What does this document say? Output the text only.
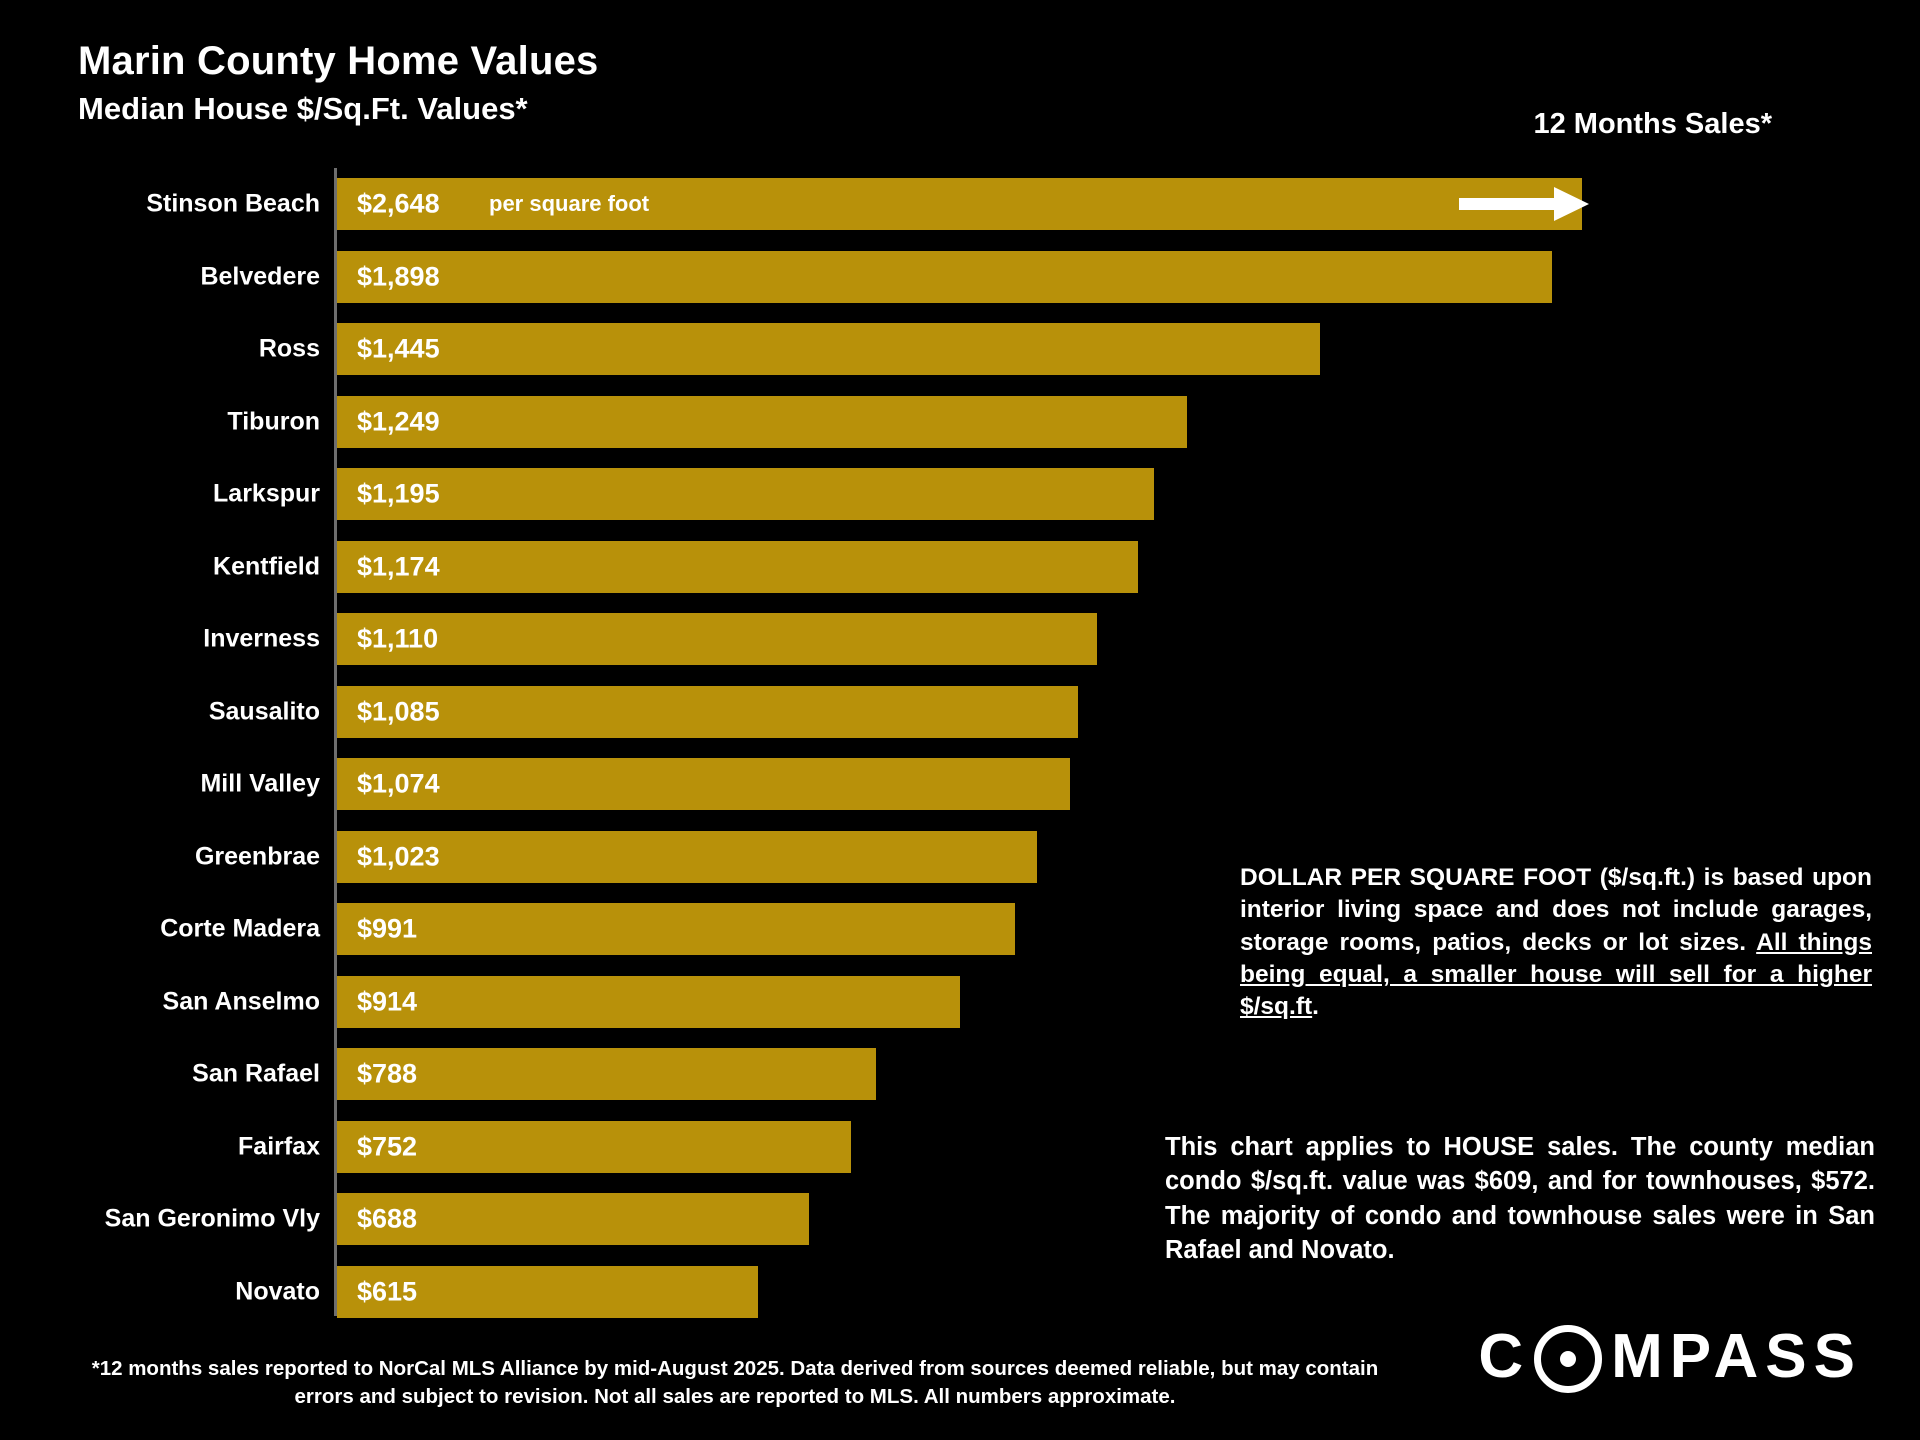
Marin County Home Values
Median House $/Sq.Ft. Values*	12 Months Sales*
Stinson Beach $2,648 per square foot
Belvedere $1,898
Ross $1,445
Tiburon $1,249
Larkspur $1,195
Kentfield $1,174
Inverness $1,110
Sausalito $1,085
Mill Valley $1,074
Greenbrae $1,023
Corte Madera $991
San Anselmo $914
San Rafael $788
Fairfax $752
San Geronimo Vly $688
Novato $615
DOLLAR PER SQUARE FOOT ($/sq.ft.) is based upon interior living space and does not include garages, storage rooms, patios, decks or lot sizes. All things being equal, a smaller house will sell for a higher $/sq.ft.
This chart applies to HOUSE sales. The county median condo $/sq.ft. value was $609, and for townhouses, $572. The majority of condo and townhouse sales were in San Rafael and Novato.
*12 months sales reported to NorCal MLS Alliance by mid-August 2025. Data derived from sources deemed reliable, but may contain errors and subject to revision. Not all sales are reported to MLS. All numbers approximate.
C MPASS
